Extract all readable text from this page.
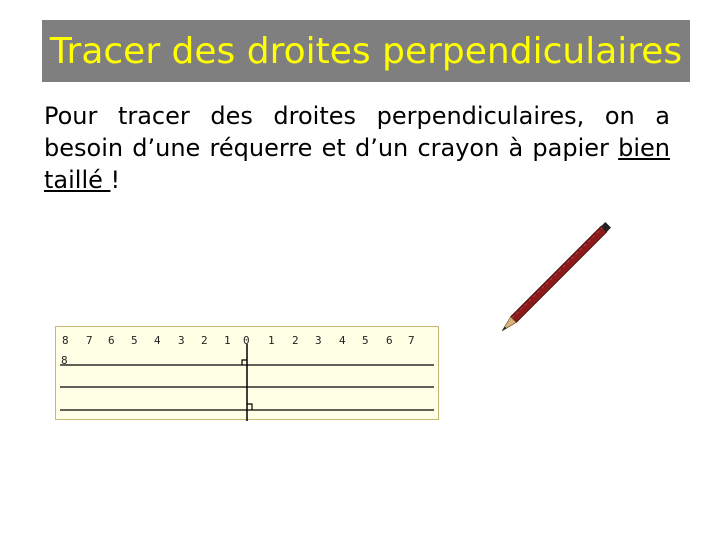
Tracer des droites perpendiculaires
Pour tracer des droites perpendiculaires, on a besoin d’une réquerre et d’un crayon à papier bien taillé !
8 7 6 5 4 3 2 1 0 1 2 3 4 5 6 7
8
